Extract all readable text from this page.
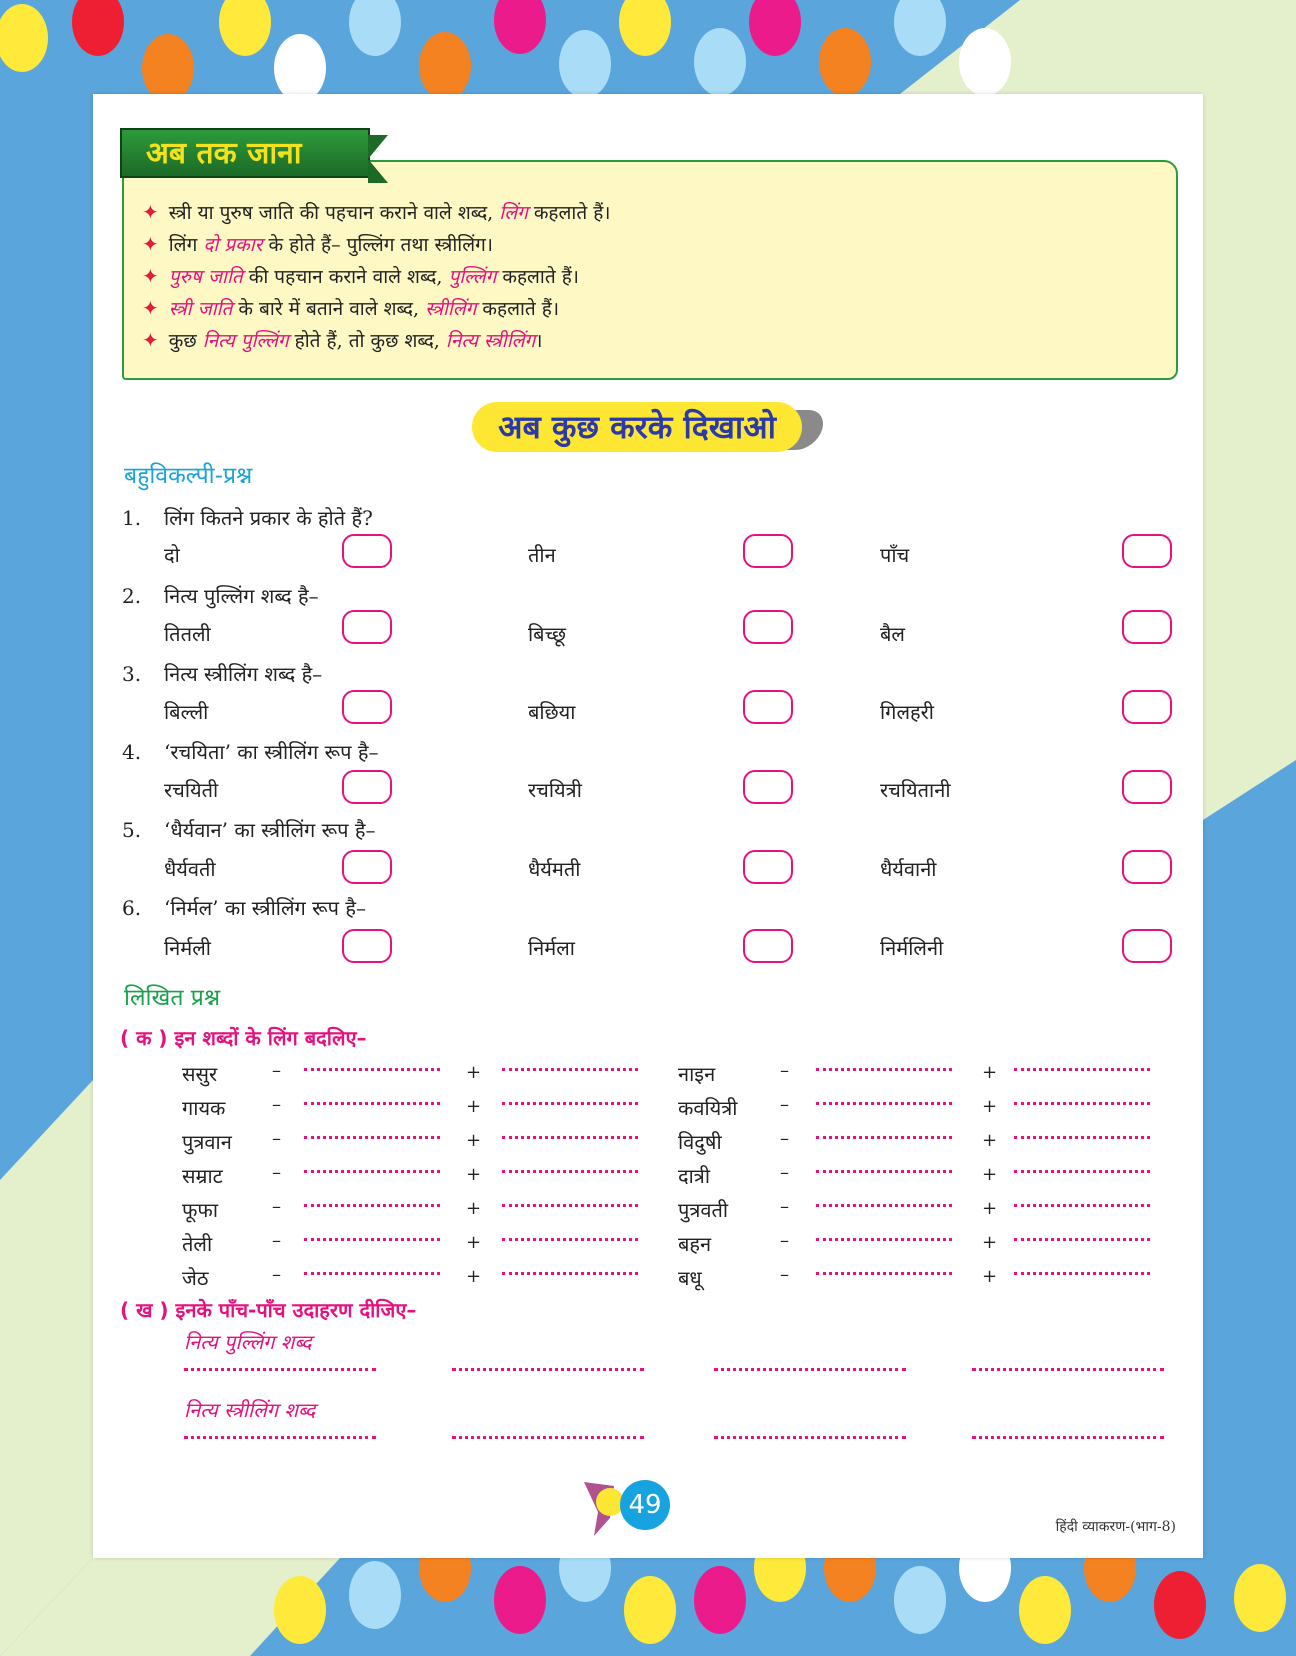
अब तक जाना
✦ स्त्री या पुरुष जाति की पहचान कराने वाले शब्द, लिंग कहलाते हैं।
✦ लिंग दो प्रकार के होते हैं– पुल्लिंग तथा स्त्रीलिंग।
✦ पुरुष जाति की पहचान कराने वाले शब्द, पुल्लिंग कहलाते हैं।
✦ स्त्री जाति के बारे में बताने वाले शब्द, स्त्रीलिंग कहलाते हैं।
✦ कुछ नित्य पुल्लिंग होते हैं, तो कुछ शब्द, नित्य स्त्रीलिंग।
अब कुछ करके दिखाओ
बहुविकल्पी-प्रश्न
1. लिंग कितने प्रकार के होते हैं?
दो	तीन	पाँच
2. नित्य पुल्लिंग शब्द है–
तितली	बिच्छू	बैल
3. नित्य स्त्रीलिंग शब्द है–
बिल्ली	बछिया	गिलहरी
4. ‘रचयिता’ का स्त्रीलिंग रूप है–
रचयिती	रचयित्री	रचयितानी
5. ‘धैर्यवान’ का स्त्रीलिंग रूप है–
धैर्यवती	धैर्यमती	धैर्यवानी
6. ‘निर्मल’ का स्त्रीलिंग रूप है–
निर्मली	निर्मला	निर्मलिनी
लिखित प्रश्न
( क ) इन शब्दों के लिंग बदलिए–
ससुर	–	+
गायक	–	+
पुत्रवान –	+
सम्राट	–	+
फूफा	–	+
तेली	–	+
जेठ	–	+
नाइन	–	+
कवयित्री –	+
विदुषी	–	+
दात्री	–	+
पुत्रवती	–	+
बहन	–	+
बधू	–	+
( ख ) इनके पाँच-पाँच उदाहरण दीजिए–
नित्य पुल्लिंग शब्द
नित्य स्त्रीलिंग शब्द
49
हिंदी व्याकरण-(भाग-8)
